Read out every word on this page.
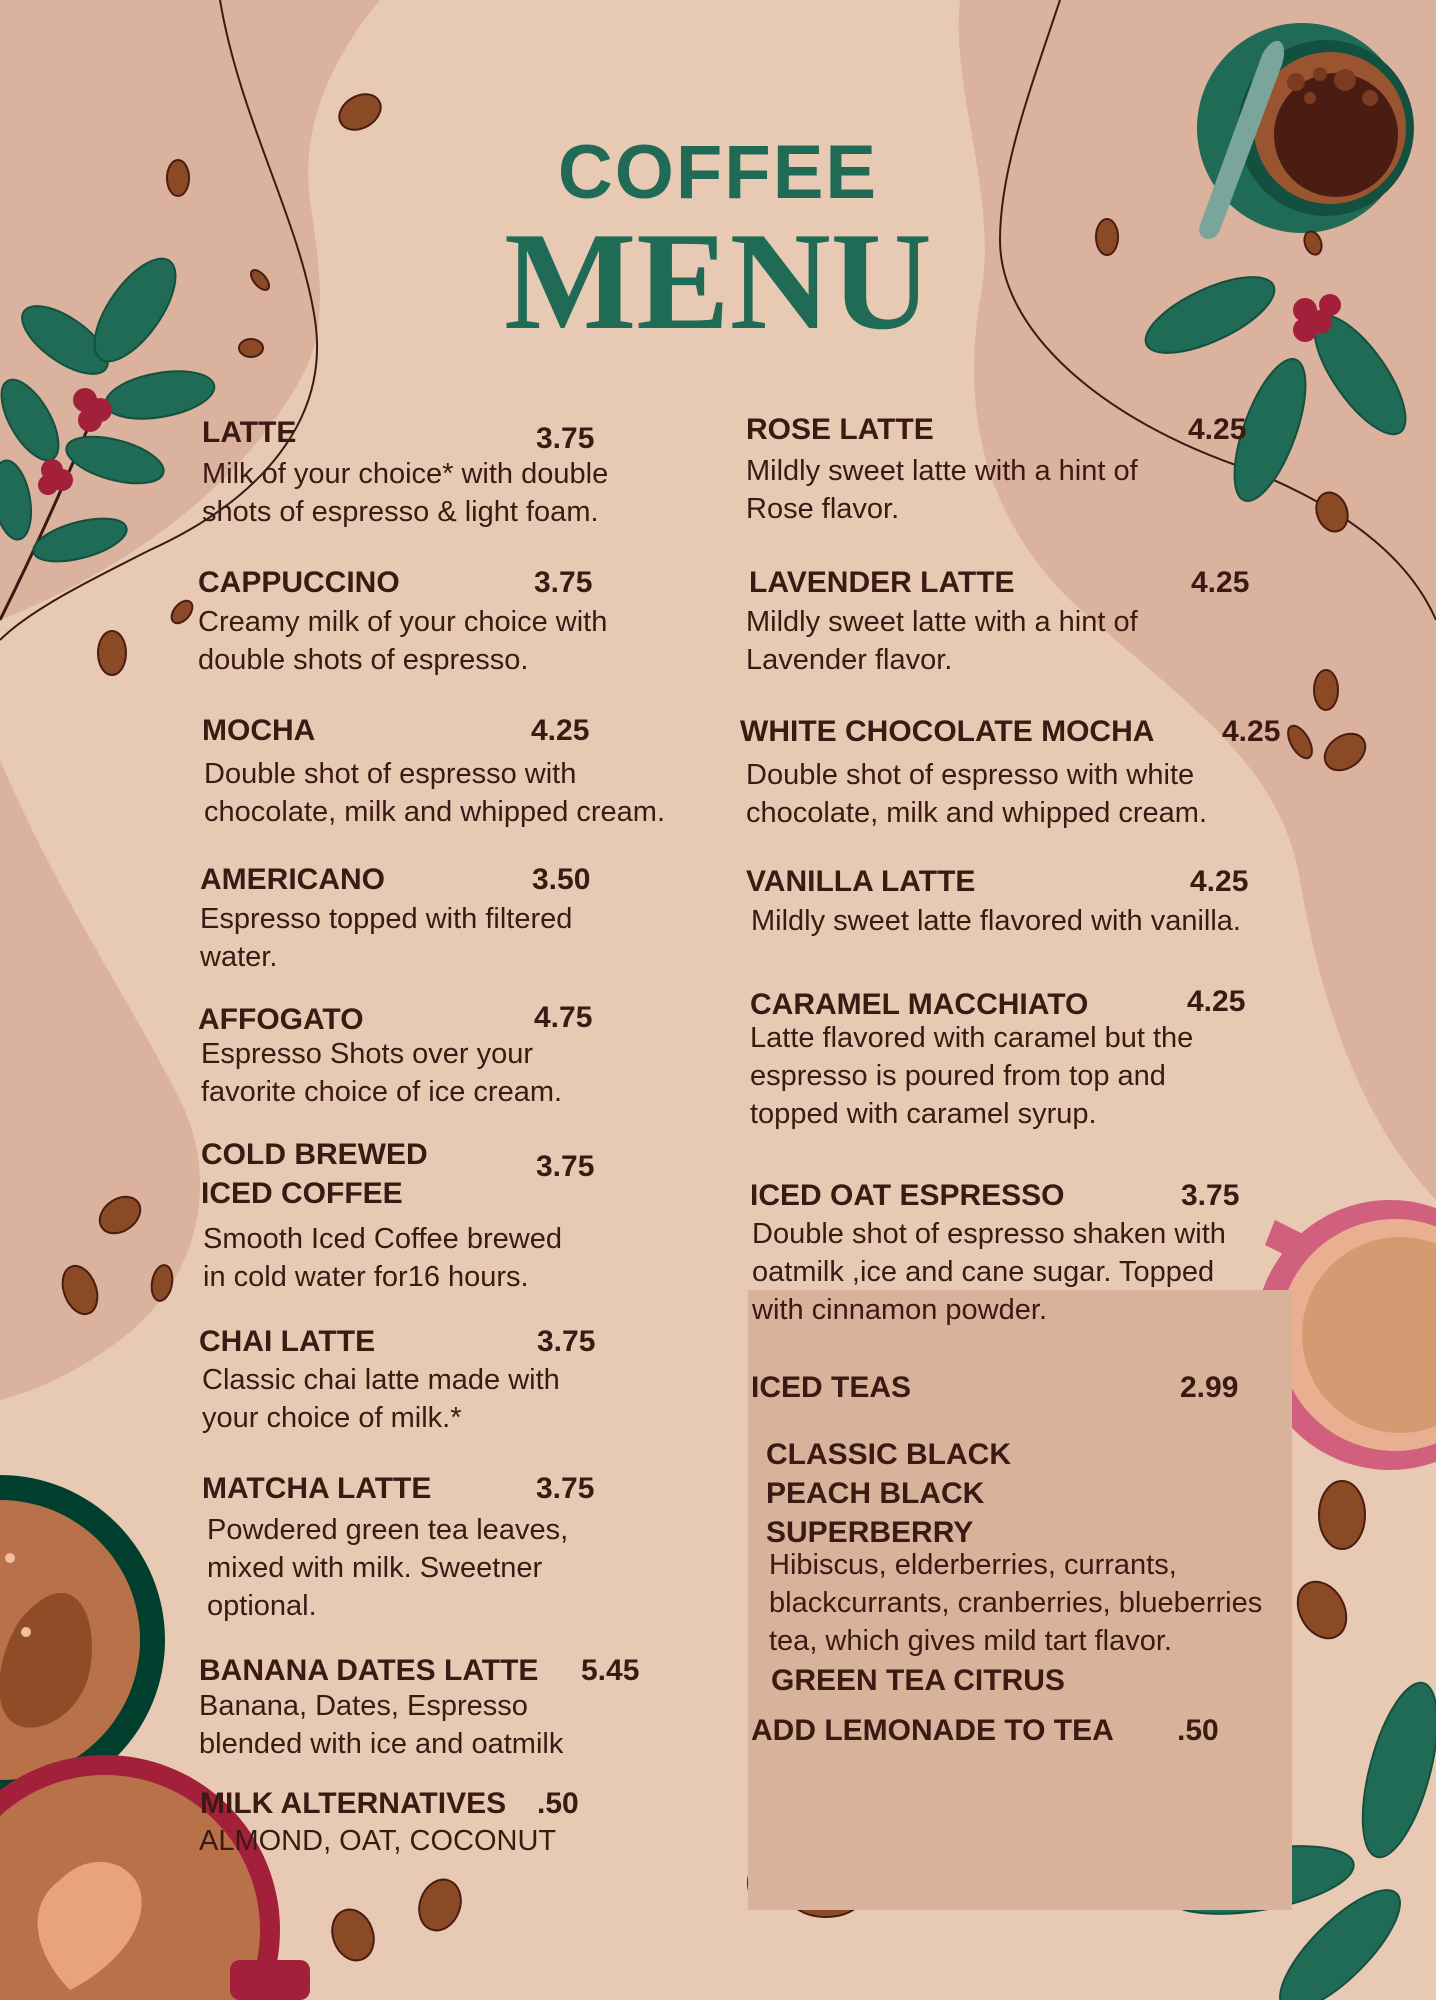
COFFEE
MENU
LATTE	3.75
Milk of your choice* with double
shots of espresso & light foam.
CAPPUCCINO	3.75
Creamy milk of your choice with
double shots of espresso.
MOCHA	4.25
Double shot of espresso with
chocolate, milk and whipped cream.
AMERICANO	3.50
Espresso topped with filtered
water.
AFFOGATO	4.75
Espresso Shots over your
favorite choice of ice cream.
COLD BREWED
ICED COFFEE
3.75
Smooth Iced Coffee brewed
in cold water for16 hours.
CHAI LATTE	3.75
Classic chai latte made with
your choice of milk.*
MATCHA LATTE	3.75
Powdered green tea leaves,
mixed with milk. Sweetner
optional.
BANANA DATES LATTE 5.45
Banana, Dates, Espresso
blended with ice and oatmilk
MILK ALTERNATIVES .50
ALMOND, OAT, COCONUT
ROSE LATTE	4.25
Mildly sweet latte with a hint of
Rose flavor.
LAVENDER LATTE	4.25
Mildly sweet latte with a hint of
Lavender flavor.
WHITE CHOCOLATE MOCHA 4.25
Double shot of espresso with white
chocolate, milk and whipped cream.
VANILLA LATTE	4.25
Mildly sweet latte flavored with vanilla.
CARAMEL MACCHIATO	4.25
Latte flavored with caramel but the
espresso is poured from top and
topped with caramel syrup.
ICED OAT ESPRESSO	3.75
Double shot of espresso shaken with
oatmilk ,ice and cane sugar. Topped
with cinnamon powder.
ICED TEAS	2.99
CLASSIC BLACK
PEACH BLACK
SUPERBERRY
Hibiscus, elderberries, currants,
blackcurrants, cranberries, blueberries
tea, which gives mild tart flavor.
GREEN TEA CITRUS
ADD LEMONADE TO TEA .50
